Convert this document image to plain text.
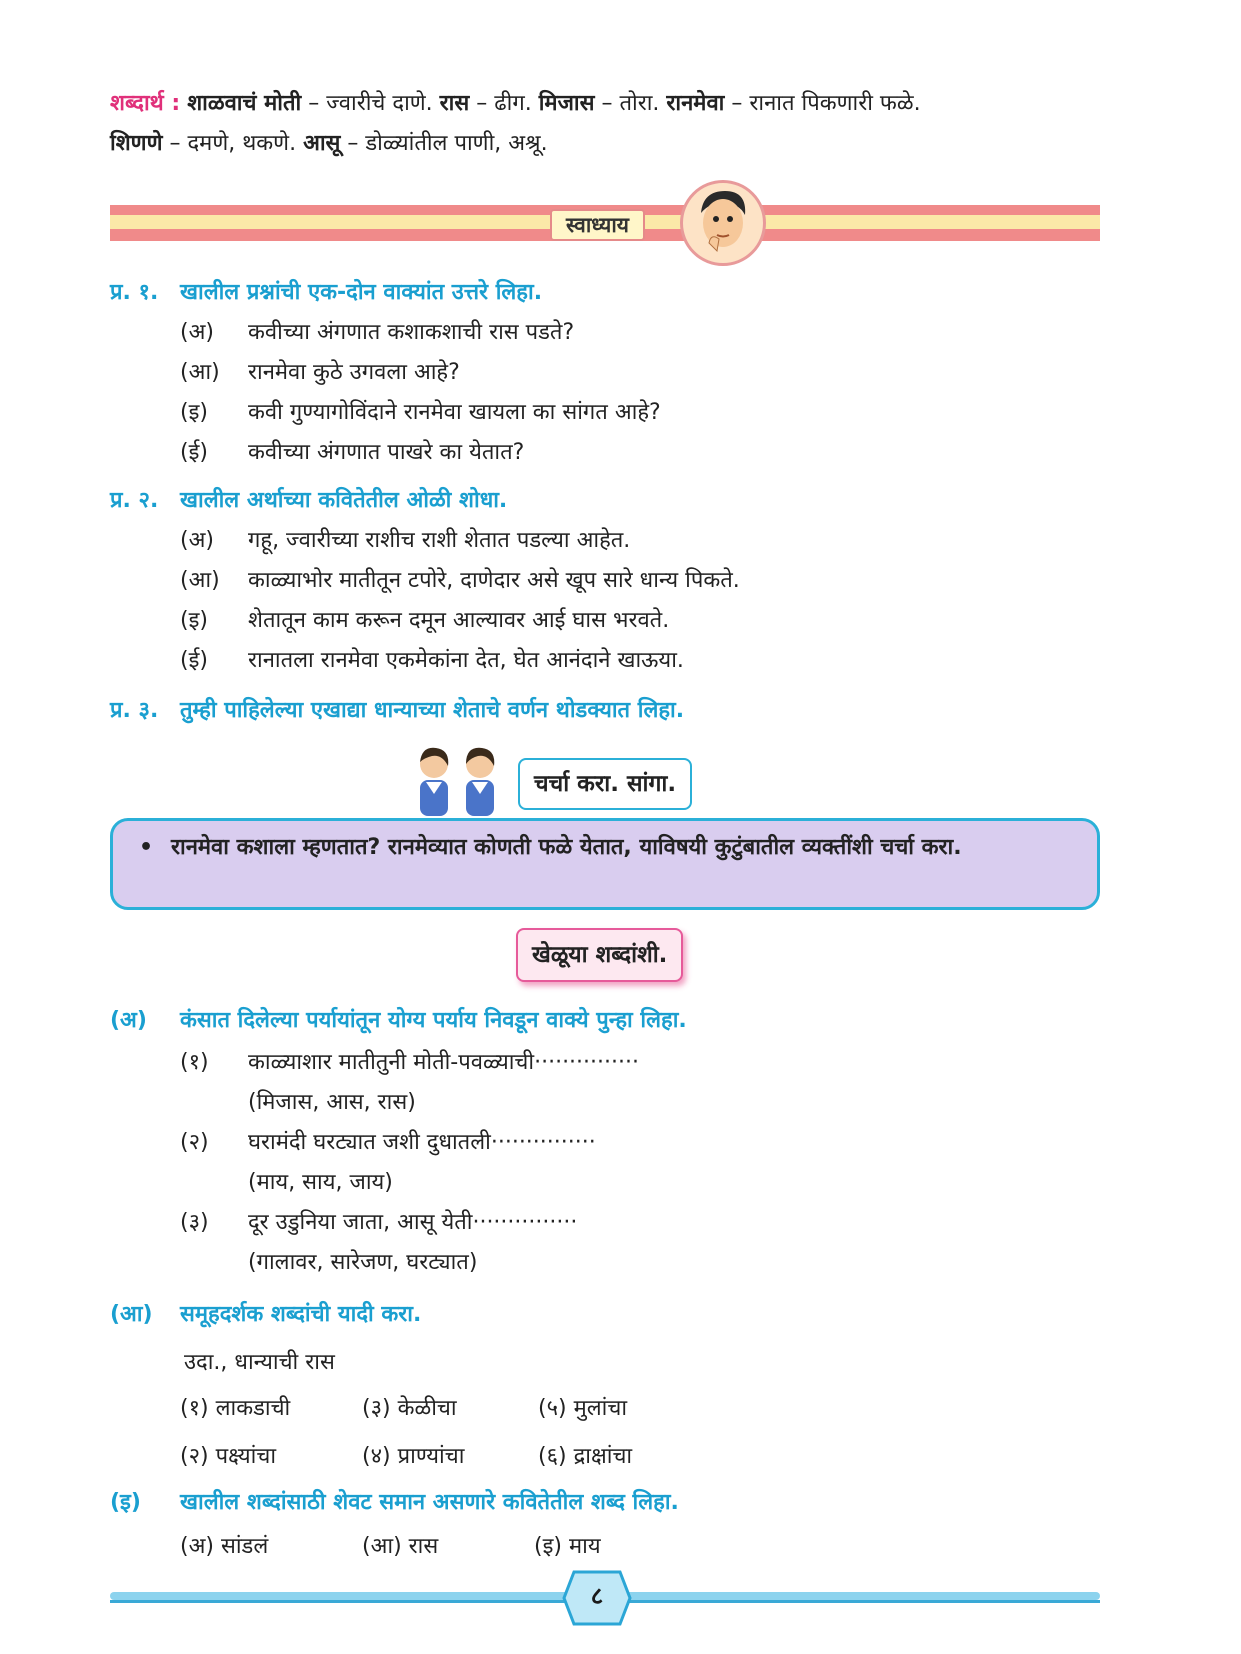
शब्दार्थ : शाळवाचं मोती – ज्वारीचे दाणे. रास – ढीग. मिजास – तोरा. रानमेवा – रानात पिकणारी फळे.
शिणणे – दमणे, थकणे. आसू – डोळ्यांतील पाणी, अश्रू.
स्वाध्याय
प्र. १. खालील प्रश्नांची एक-दोन वाक्यांत उत्तरे लिहा.
(अ) कवीच्या अंगणात कशाकशाची रास पडते?
(आ) रानमेवा कुठे उगवला आहे?
(इ) कवी गुण्यागोविंदाने रानमेवा खायला का सांगत आहे?
(ई) कवीच्या अंगणात पाखरे का येतात?
प्र. २. खालील अर्थाच्या कवितेतील ओळी शोधा.
(अ) गहू, ज्वारीच्या राशीच राशी शेतात पडल्या आहेत.
(आ) काळ्याभोर मातीतून टपोरे, दाणेदार असे खूप सारे धान्य पिकते.
(इ) शेतातून काम करून दमून आल्यावर आई घास भरवते.
(ई) रानातला रानमेवा एकमेकांना देत, घेत आनंदाने खाऊया.
प्र. ३. तुम्ही पाहिलेल्या एखाद्या धान्याच्या शेताचे वर्णन थोडक्यात लिहा.
चर्चा करा. सांगा.
• रानमेवा कशाला म्हणतात? रानमेव्यात कोणती फळे येतात, याविषयी कुटुंबातील व्यक्तींशी चर्चा करा.
खेळूया शब्दांशी.
(अ) कंसात दिलेल्या पर्यायांतून योग्य पर्याय निवडून वाक्ये पुन्हा लिहा.
(१) काळ्याशार मातीतुनी मोती-पवळ्याची···············
(मिजास, आस, रास)
(२) घरामंदी घरट्यात जशी दुधातली···············
(माय, साय, जाय)
(३) दूर उडुनिया जाता, आसू येती···············
(गालावर, सारेजण, घरट्यात)
(आ) समूहदर्शक शब्दांची यादी करा.
उदा., धान्याची रास
(१) लाकडाची	(३) केळीचा	(५) मुलांचा
(२) पक्ष्यांचा	(४) प्राण्यांचा	(६) द्राक्षांचा
(इ) खालील शब्दांसाठी शेवट समान असणारे कवितेतील शब्द लिहा.
(अ) सांडलं	(आ) रास	(इ) माय
८
